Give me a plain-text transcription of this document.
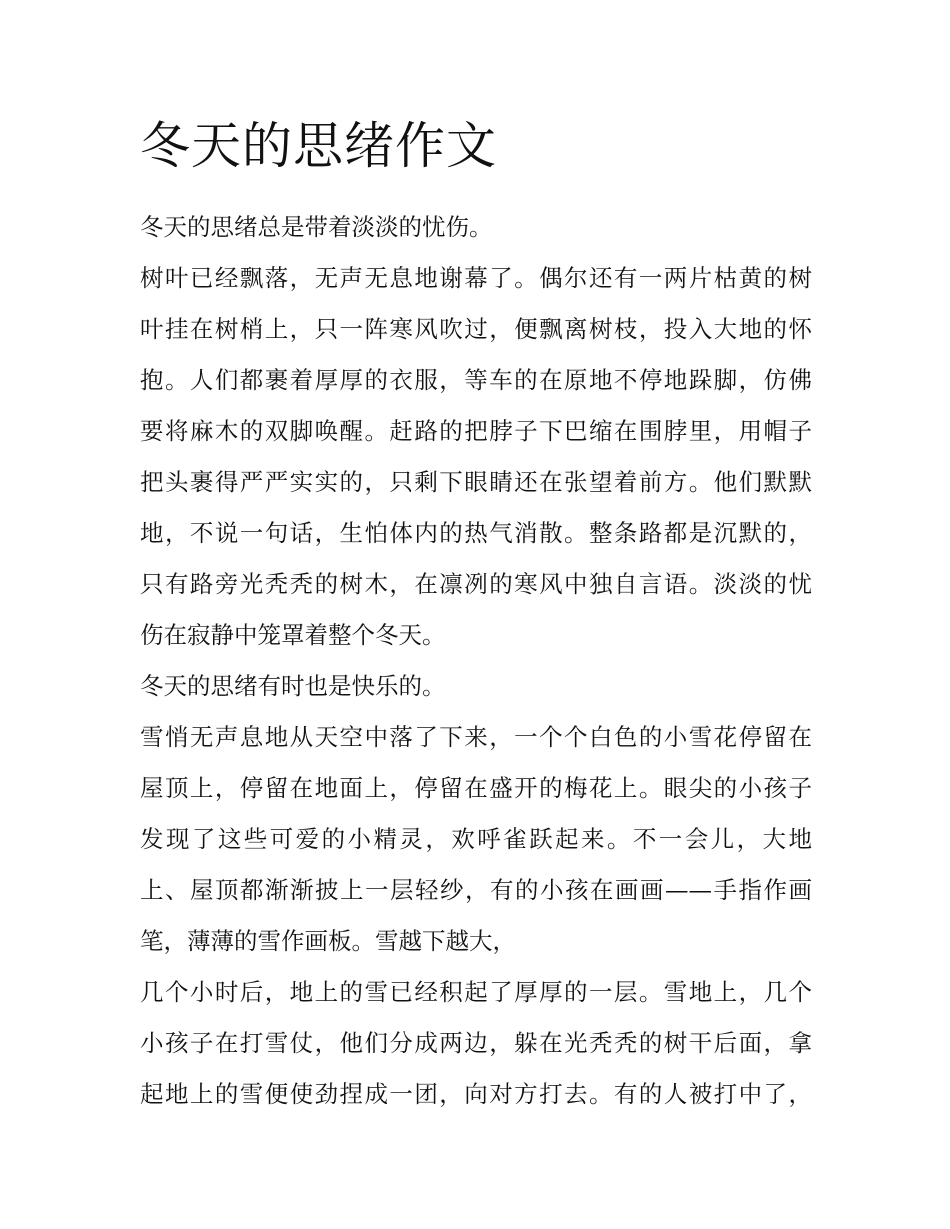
冬天的思绪作文

冬天的思绪总是带着淡淡的忧伤。

树叶已经飘落，无声无息地谢幕了。偶尔还有一两片枯黄的树
叶挂在树梢上，只一阵寒风吹过，便飘离树枝，投入大地的怀
抱。人们都裹着厚厚的衣服，等车的在原地不停地跺脚，仿佛
要将麻木的双脚唤醒。赶路的把脖子下巴缩在围脖里，用帽子
把头裹得严严实实的，只剩下眼睛还在张望着前方。他们默默
地，不说一句话，生怕体内的热气消散。整条路都是沉默的，
只有路旁光秃秃的树木，在凛冽的寒风中独自言语。淡淡的忧
伤在寂静中笼罩着整个冬天。

冬天的思绪有时也是快乐的。

雪悄无声息地从天空中落了下来，一个个白色的小雪花停留在
屋顶上，停留在地面上，停留在盛开的梅花上。眼尖的小孩子
发现了这些可爱的小精灵，欢呼雀跃起来。不一会儿，大地
上、屋顶都渐渐披上一层轻纱，有的小孩在画画——手指作画
笔，薄薄的雪作画板。雪越下越大，

几个小时后，地上的雪已经积起了厚厚的一层。雪地上，几个
小孩子在打雪仗，他们分成两边，躲在光秃秃的树干后面，拿
起地上的雪便使劲捏成一团，向对方打去。有的人被打中了，
